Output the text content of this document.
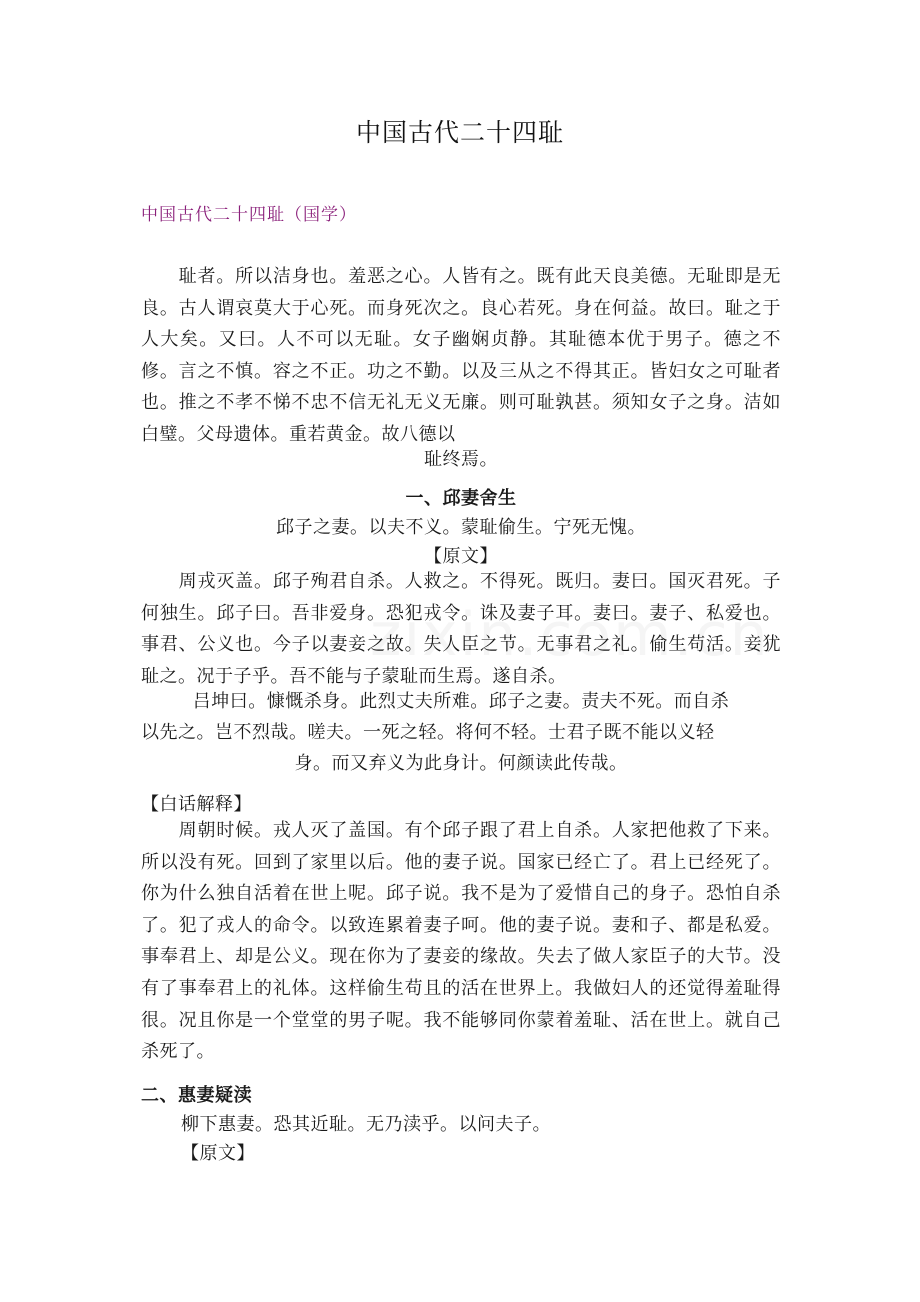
中国古代二十四耻
中国古代二十四耻（国学）

　　耻者。所以洁身也。羞恶之心。人皆有之。既有此天良美德。无耻即是无良。古人谓哀莫大于心死。而身死次之。良心若死。身在何益。故曰。耻之于人大矣。又曰。人不可以无耻。女子幽娴贞静。其耻德本优于男子。德之不修。言之不慎。容之不正。功之不勤。以及三从之不得其正。皆妇女之可耻者也。推之不孝不悌不忠不信无礼无义无廉。则可耻孰甚。须知女子之身。洁如白璧。父母遗体。重若黄金。故八德以

耻终焉。

一、邱妻舍生

邱子之妻。以夫不义。蒙耻偷生。宁死无愧。

【原文】

　　周戎灭盖。邱子殉君自杀。人救之。不得死。既归。妻曰。国灭君死。子何独生。邱子曰。吾非爱身。恐犯戎令。诛及妻子耳。妻曰。妻子、私爱也。事君、公义也。今子以妻妾之故。失人臣之节。无事君之礼。偷生苟活。妾犹耻之。况于子乎。吾不能与子蒙耻而生焉。遂自杀。

吕坤曰。慷慨杀身。此烈丈夫所难。邱子之妻。责夫不死。而自杀

以先之。岂不烈哉。嗟夫。一死之轻。将何不轻。士君子既不能以义轻

身。而又弃义为此身计。何颜读此传哉。

【白话解释】

　　周朝时候。戎人灭了盖国。有个邱子跟了君上自杀。人家把他救了下来。所以没有死。回到了家里以后。他的妻子说。国家已经亡了。君上已经死了。你为什么独自活着在世上呢。邱子说。我不是为了爱惜自己的身子。恐怕自杀了。犯了戎人的命令。以致连累着妻子呵。他的妻子说。妻和子、都是私爱。事奉君上、却是公义。现在你为了妻妾的缘故。失去了做人家臣子的大节。没有了事奉君上的礼体。这样偷生苟且的活在世界上。我做妇人的还觉得羞耻得很。况且你是一个堂堂的男子呢。我不能够同你蒙着羞耻、活在世上。就自己杀死了。

二、惠妻疑渎

柳下惠妻。恐其近耻。无乃渎乎。以问夫子。

【原文】
